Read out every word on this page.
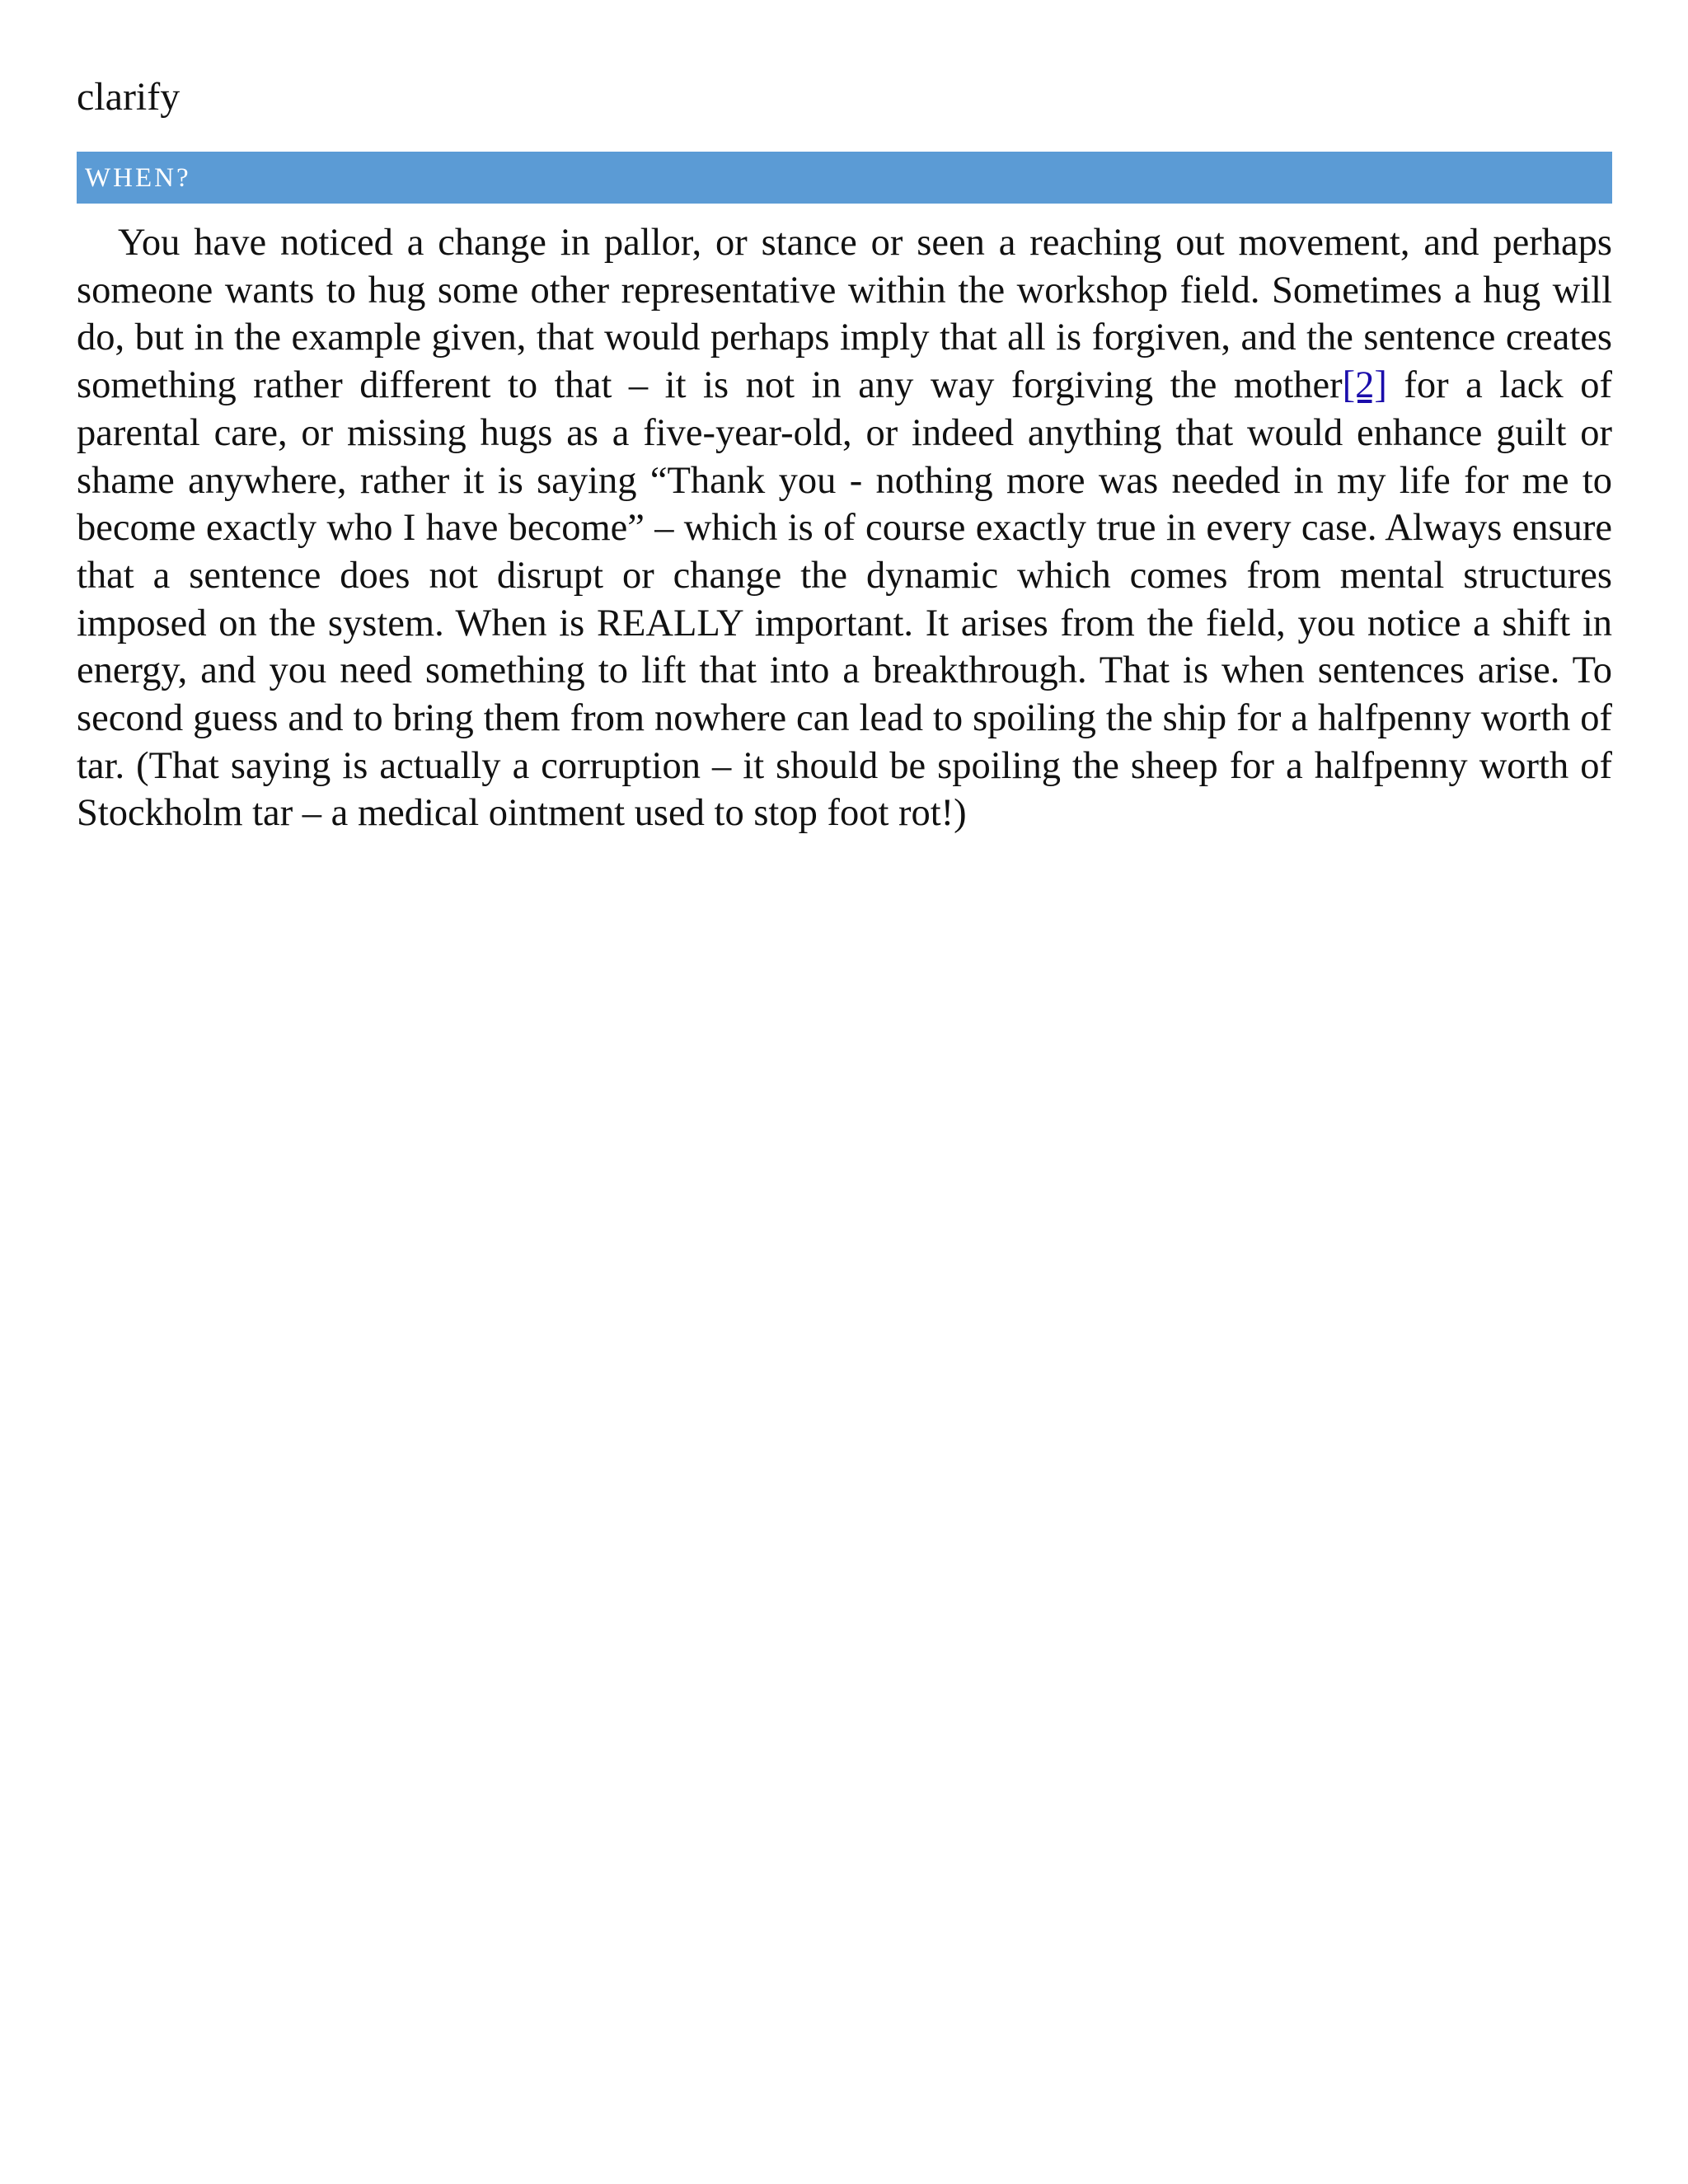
clarify
WHEN?

You have noticed a change in pallor, or stance or seen a reaching out movement, and perhaps someone wants to hug some other representative within the workshop field. Sometimes a hug will do, but in the example given, that would perhaps imply that all is forgiven, and the sentence creates something rather different to that – it is not in any way forgiving the mother[2] for a lack of parental care, or missing hugs as a five-year-old, or indeed anything that would enhance guilt or shame anywhere, rather it is saying “Thank you - nothing more was needed in my life for me to become exactly who I have become” – which is of course exactly true in every case. Always ensure that a sentence does not disrupt or change the dynamic which comes from mental structures imposed on the system. When is REALLY important. It arises from the field, you notice a shift in energy, and you need something to lift that into a breakthrough. That is when sentences arise. To second guess and to bring them from nowhere can lead to spoiling the ship for a halfpenny worth of tar. (That saying is actually a corruption – it should be spoiling the sheep for a halfpenny worth of Stockholm tar – a medical ointment used to stop foot rot!)
